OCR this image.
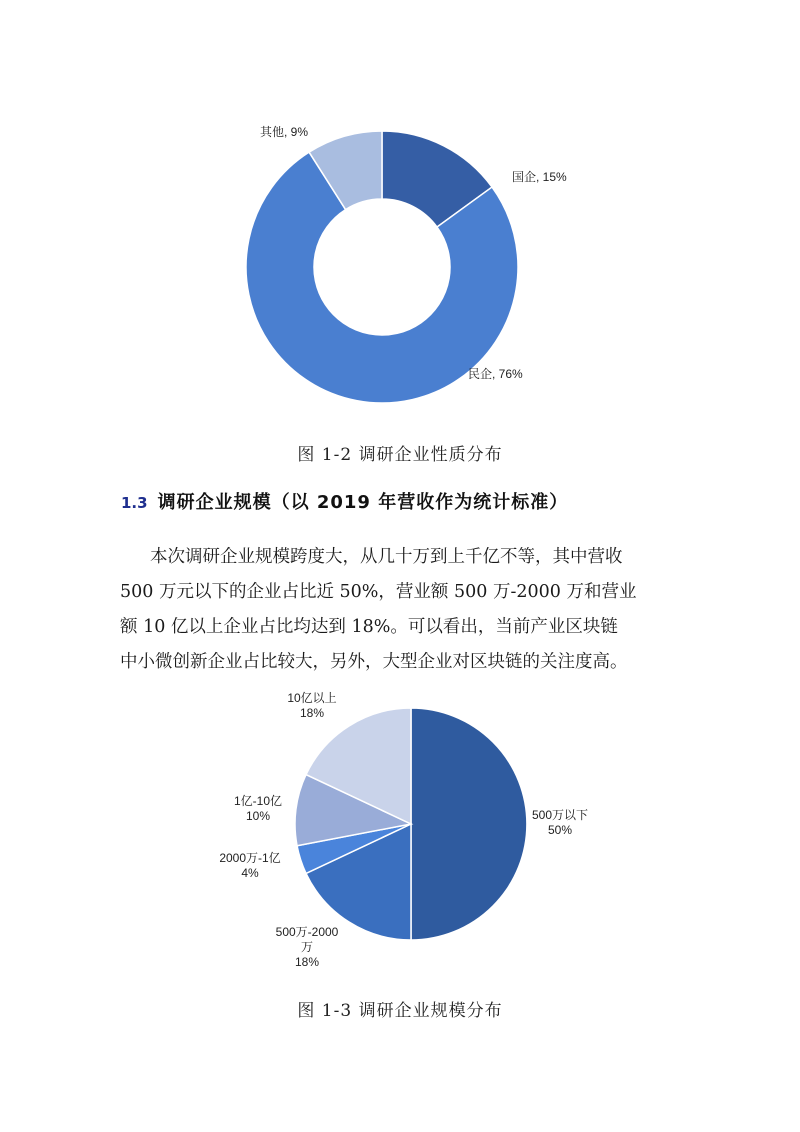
国企, 15%
民企, 76%
其他, 9%
500万以下 50%
500万-2000 万 18%
2000万-1亿 4%
1亿-10亿 10%
10亿以上 18%
图 1-2 调研企业性质分布
1.3 调研企业规模（以 2019 年营收作为统计标准）
本次调研企业规模跨度大，从几十万到上千亿不等，其中营收
500 万元以下的企业占比近 50%，营业额 500 万-2000 万和营业
额 10 亿以上企业占比均达到 18%。可以看出，当前产业区块链
中小微创新企业占比较大，另外，大型企业对区块链的关注度高。
图 1-3 调研企业规模分布
